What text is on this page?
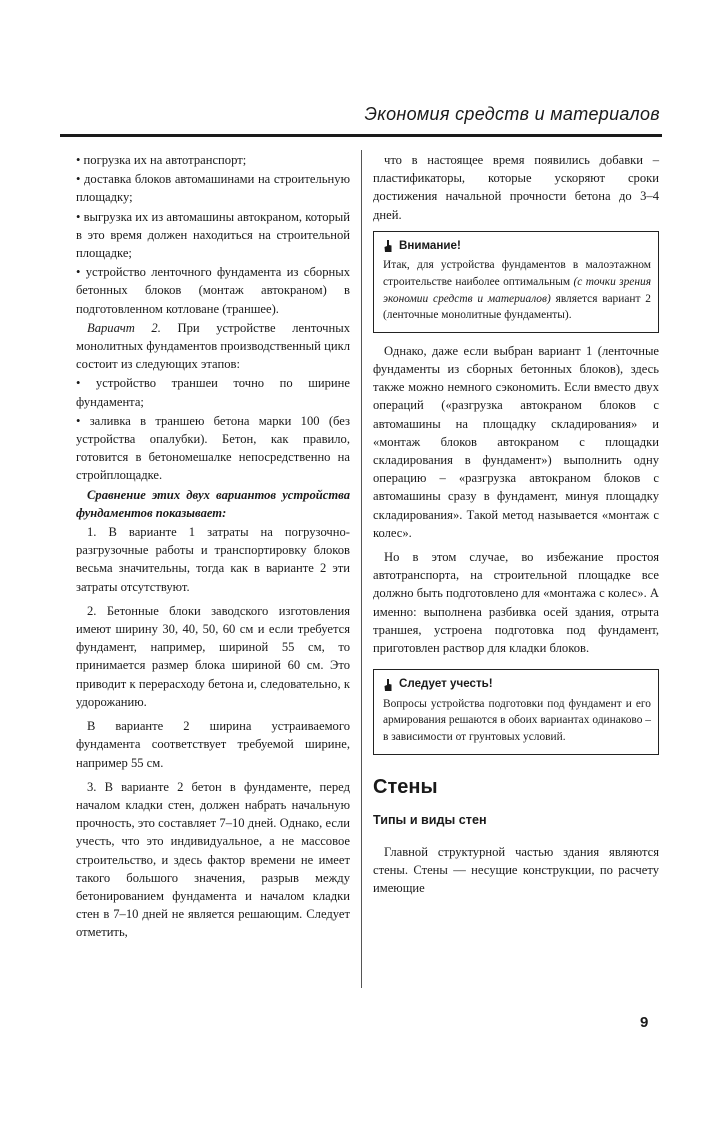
Экономия средств и материалов

• погрузка их на автотранспорт;

• доставка блоков автомашинами на строительную площадку;

• выгрузка их из автомашины автокраном, который в это время должен находиться на строительной площадке;

• устройство ленточного фундамента из сборных бетонных блоков (монтаж автокраном) в подготовленном котловане (траншее).

Вариачт 2. При устройстве ленточных монолитных фундаментов производственный цикл состоит из следующих этапов:

• устройство траншеи точно по ширине фундамента;

• заливка в траншею бетона марки 100 (без устройства опалубки). Бетон, как правило, готовится в бетономешалке непосредственно на стройплощадке.

Сравнение этих двух вариантов устройства фундаментов показывает:

1. В варианте 1 затраты на погрузочно-разгрузочные работы и транспортировку блоков весьма значительны, тогда как в варианте 2 эти затраты отсутствуют.

2. Бетонные блоки заводского изготовления имеют ширину 30, 40, 50, 60 см и если требуется фундамент, например, шириной 55 см, то принимается размер блока шириной 60 см. Это приводит к перерасходу бетона и, следовательно, к удорожанию.

В варианте 2 ширина устраиваемого фундамента соответствует требуемой ширине, например 55 см.

3. В варианте 2 бетон в фундаменте, перед началом кладки стен, должен набрать начальную прочность, это составляет 7–10 дней. Однако, если учесть, что это индивидуальное, а не массовое строительство, и здесь фактор времени не имеет такого большого значения, разрыв между бетонированием фундамента и началом кладки стен в 7–10 дней не является решающим. Следует отметить,

что в настоящее время появились добавки – пластификаторы, которые ускоряют сроки достижения начальной прочности бетона до 3–4 дней.

Внимание!
Итак, для устройства фундаментов в малоэтажном строительстве наиболее оптимальным (с точки зрения экономии средств и материалов) является вариант 2 (ленточные монолитные фундаменты).

Однако, даже если выбран вариант 1 (ленточные фундаменты из сборных бетонных блоков), здесь также можно немного сэкономить. Если вместо двух операций («разгрузка автокраном блоков с автомашины на площадку складирования» и «монтаж блоков автокраном с площадки складирования в фундамент») выполнить одну операцию – «разгрузка автокраном блоков с автомашины сразу в фундамент, минуя площадку складирования». Такой метод называется «монтаж с колес».

Но в этом случае, во избежание простоя автотранспорта, на строительной площадке все должно быть подготовлено для «монтажа с колес». А именно: выполнена разбивка осей здания, отрыта траншея, устроена подготовка под фундамент, приготовлен раствор для кладки блоков.

Следует учесть!
Вопросы устройства подготовки под фундамент и его армирования решаются в обоих вариантах одинаково – в зависимости от грунтовых условий.
Стены
Типы и виды стен

Главной структурной частью здания являются стены. Стены — несущие конструкции, по расчету имеющие

9
